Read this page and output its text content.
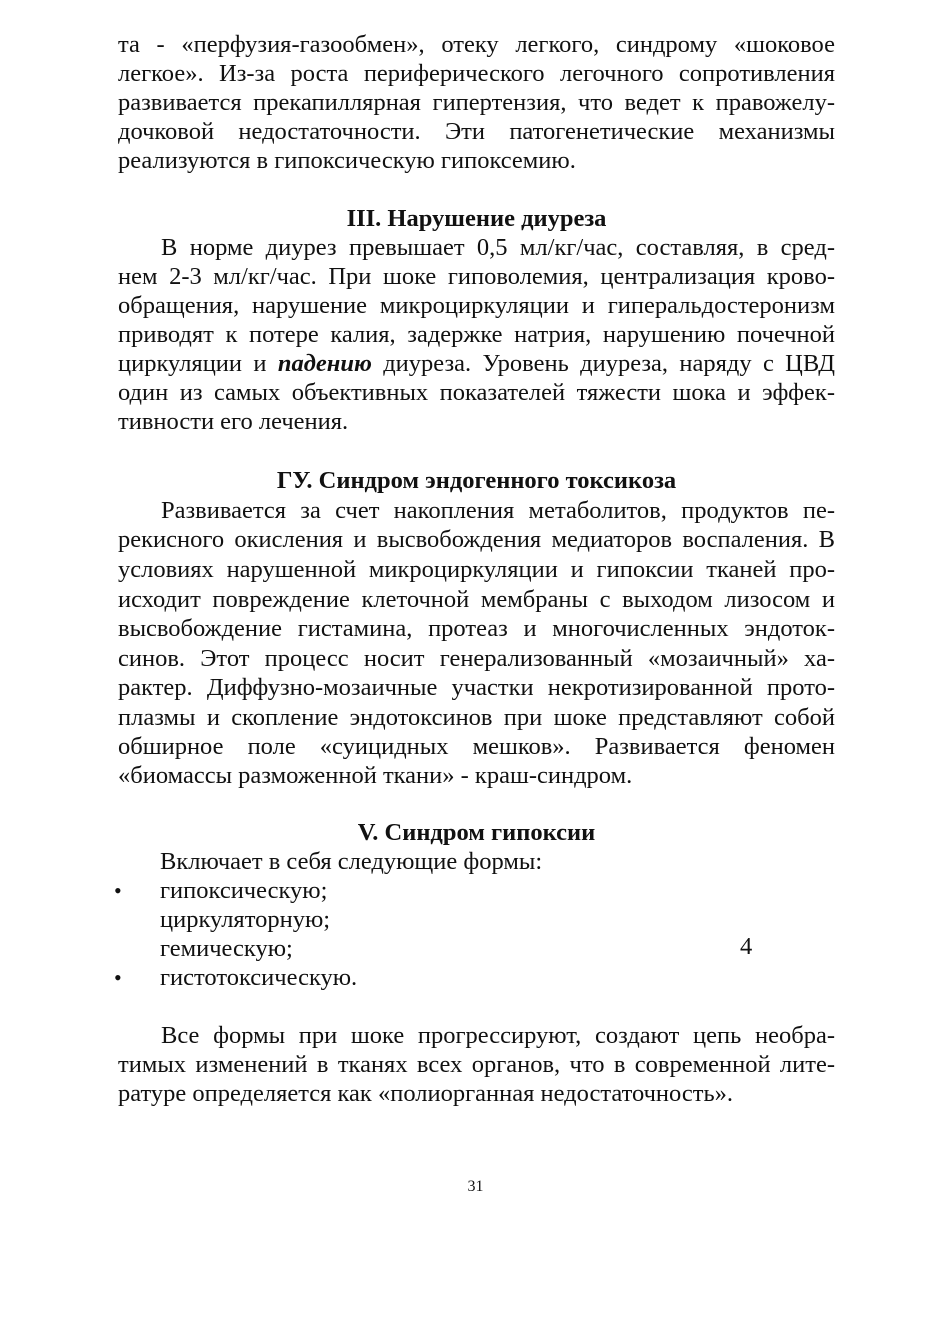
та - «перфузия-газообмен», отеку легкого, синдрому «шоковое
легкое». Из-за роста периферического легочного сопротивления
развивается прекапиллярная гипертензия, что ведет к правожелу-
дочковой недостаточности. Эти патогенетические механизмы
реализуются в гипоксическую гипоксемию.
III. Нарушение диуреза
В норме диурез превышает 0,5 мл/кг/час, составляя, в сред-
нем 2-3 мл/кг/час. При шоке гиповолемия, централизация крово-
обращения, нарушение микроциркуляции и гиперальдостеронизм
приводят к потере калия, задержке натрия, нарушению почечной
циркуляции и падению диуреза. Уровень диуреза, наряду с ЦВД
один из самых объективных показателей тяжести шока и эффек-
тивности его лечения.
ГУ. Синдром эндогенного токсикоза
Развивается за счет накопления метаболитов, продуктов пе-
рекисного окисления и высвобождения медиаторов воспаления. В
условиях нарушенной микроциркуляции и гипоксии тканей про-
исходит повреждение клеточной мембраны с выходом лизосом и
высвобождение гистамина, протеаз и многочисленных эндоток-
синов. Этот процесс носит генерализованный «мозаичный» ха-
рактер. Диффузно-мозаичные участки некротизированной прото-
плазмы и скопление эндотоксинов при шоке представляют собой
обширное поле «суицидных мешков». Развивается феномен
«биомассы разможенной ткани» - краш-синдром.
V. Синдром гипоксии
Включает в себя следующие формы:
• гипоксическую;
циркуляторную;
гемическую;
• гистотоксическую.
4
Все формы при шоке прогрессируют, создают цепь необра-
тимых изменений в тканях всех органов, что в современной лите-
ратуре определяется как «полиорганная недостаточность».
31
